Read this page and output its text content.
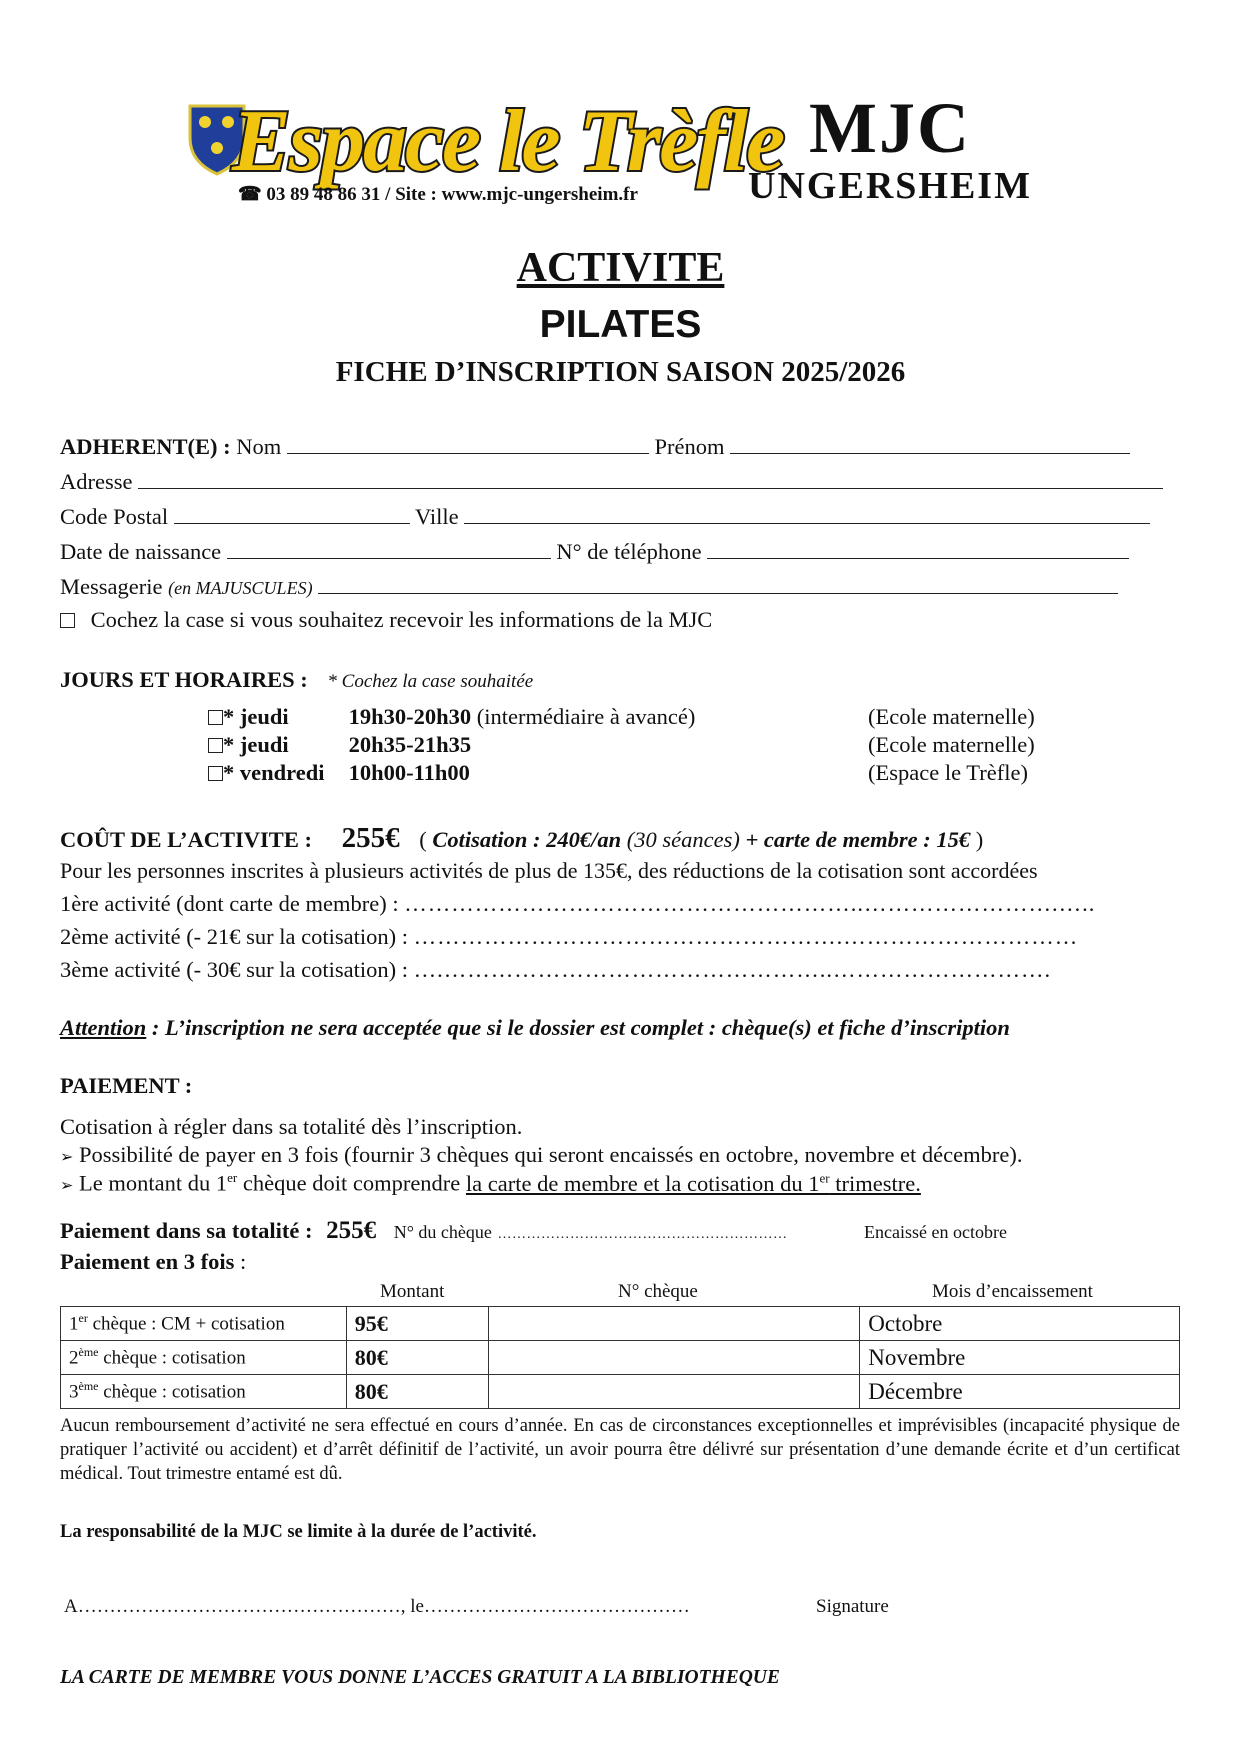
Espace le Trèfle
☎ 03 89 48 86 31 / Site : www.mjc-ungersheim.fr
MJC
UNGERSHEIM
ACTIVITE
PILATES
FICHE D’INSCRIPTION SAISON 2025/2026
ADHERENT(E) : Nom	Prénom
Adresse
Code Postal	Ville
Date de naissance	N° de téléphone
Messagerie (en MAJUSCULES)
Cochez la case si vous souhaitez recevoir les informations de la MJC
JOURS ET HORAIRES : * Cochez la case souhaitée
* jeudi	19h30-20h30 (intermédiaire à avancé)	(Ecole maternelle)
* jeudi	20h35-21h35	(Ecole maternelle)
* vendredi 10h00-11h00	(Espace le Trèfle)
COÛT DE L’ACTIVITE : 255€ ( Cotisation : 240€/an (30 séances) + carte de membre : 15€ )
Pour les personnes inscrites à plusieurs activités de plus de 135€, des réductions de la cotisation sont accordées
1ère activité (dont carte de membre) : …………………………………………………..…………………….…..
2ème activité (- 21€ sur la cotisation) : ……………………………………………….…………………………
3ème activité (- 30€ sur la cotisation) : ….…………………………………………..……………………….
Attention : L’inscription ne sera acceptée que si le dossier est complet : chèque(s) et fiche d’inscription
PAIEMENT :
Cotisation à régler dans sa totalité dès l’inscription.
➢ Possibilité de payer en 3 fois (fournir 3 chèques qui seront encaissés en octobre, novembre et décembre).
➢ Le montant du 1er chèque doit comprendre la carte de membre et la cotisation du 1er trimestre.
Paiement dans sa totalité : 255€ N° du chèque ……………………………………………………	Encaissé en octobre
Paiement en 3 fois :
Montant	N° chèque	Mois d’encaissement
1er chèque : CM + cotisation	95€		Octobre
2ème chèque : cotisation	80€		Novembre
3ème chèque : cotisation	80€		Décembre
Aucun remboursement d’activité ne sera effectué en cours d’année. En cas de circonstances exceptionnelles et imprévisibles (incapacité physique de pratiquer l’activité ou accident) et d’arrêt définitif de l’activité, un avoir pourra être délivré sur présentation d’une demande écrite et d’un certificat médical. Tout trimestre entamé est dû.
La responsabilité de la MJC se limite à la durée de l’activité.
A……………………………………………, le……………………………………	Signature
LA CARTE DE MEMBRE VOUS DONNE L’ACCES GRATUIT A LA BIBLIOTHEQUE
